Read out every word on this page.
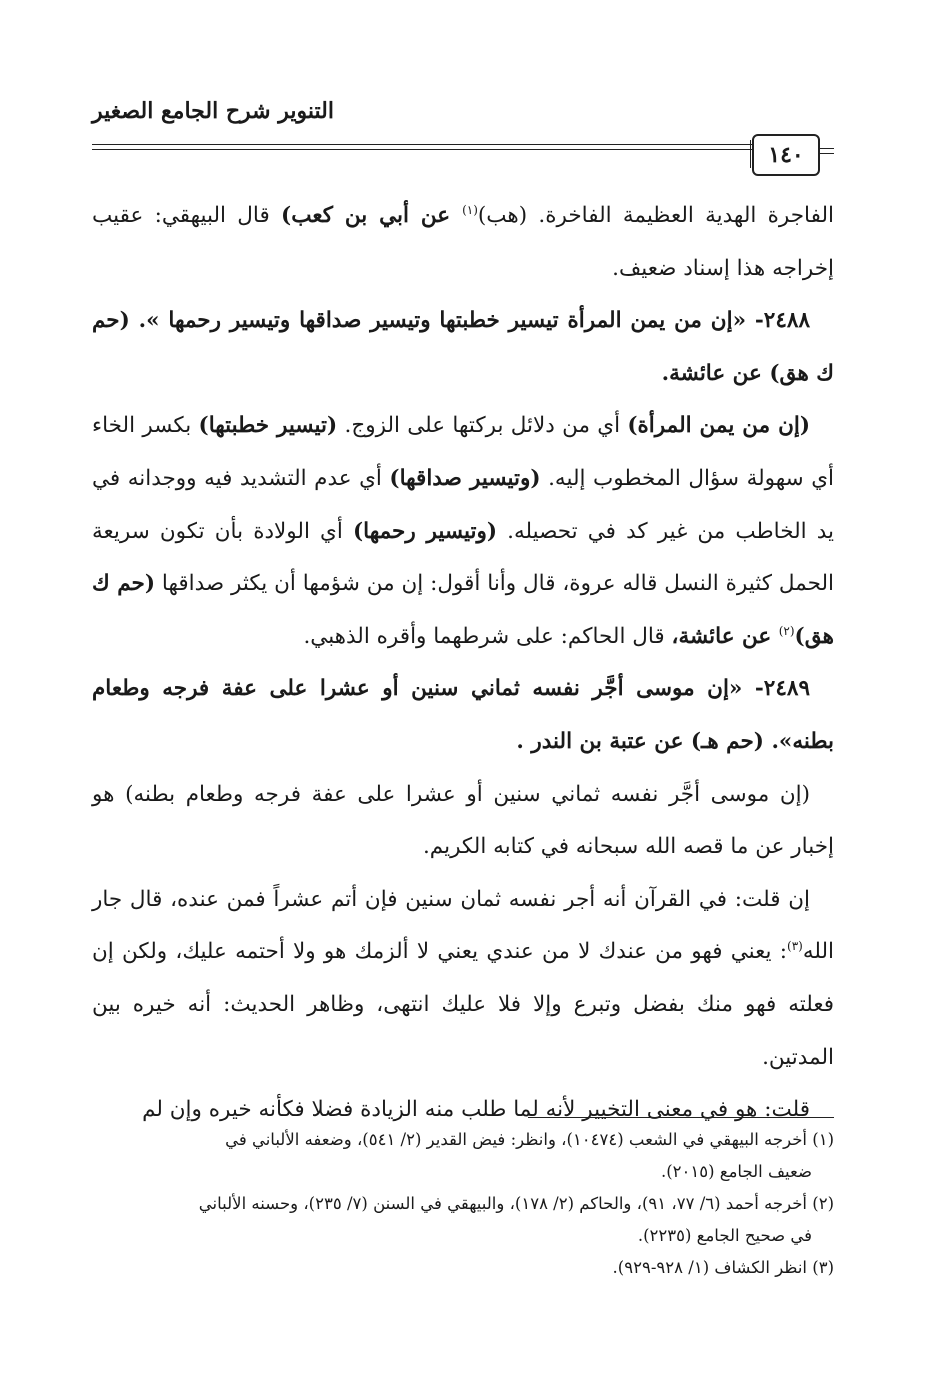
التنوير شرح الجامع الصغير
١٤٠

الفاجرة الهدية العظيمة الفاخرة. (هب)$^{(١)}$ عن أبي بن كعب) قال البيهقي: عقيب إخراجه هذا إسناد ضعيف.

٢٤٨٨- «إن من يمن المرأة تيسير خطبتها وتيسير صداقها وتيسير رحمها ». (حم ك هق) عن عائشة.

(إن من يمن المرأة) أي من دلائل بركتها على الزوج. (تيسير خطبتها) بكسر الخاء أي سهولة سؤال المخطوب إليه. (وتيسير صداقها) أي عدم التشديد فيه ووجدانه في يد الخاطب من غير كد في تحصيله. (وتيسير رحمها) أي الولادة بأن تكون سريعة الحمل كثيرة النسل قاله عروة، قال وأنا أقول: إن من شؤمها أن يكثر صداقها (حم ك هق)$^{(٢)}$ عن عائشة، قال الحاكم: على شرطهما وأقره الذهبي.

٢٤٨٩- «إن موسى أجَّر نفسه ثماني سنين أو عشرا على عفة فرجه وطعام بطنه». (حم هـ) عن عتبة بن الندر .

(إن موسى أجَّر نفسه ثماني سنين أو عشرا على عفة فرجه وطعام بطنه) هو إخبار عن ما قصه الله سبحانه في كتابه الكريم.

إن قلت: في القرآن أنه أجر نفسه ثمان سنين فإن أتم عشراً فمن عنده، قال جار الله$^{(٣)}$: يعني فهو من عندك لا من عندي يعني لا ألزمك هو ولا أحتمه عليك، ولكن إن فعلته فهو منك بفضل وتبرع وإلا فلا عليك انتهى، وظاهر الحديث: أنه خيره بين المدتين.

قلت: هو في معنى التخيير لأنه لما طلب منه الزيادة فضلا فكأنه خيره وإن لم

(١) أخرجه البيهقي في الشعب (١٠٤٧٤)، وانظر: فيض القدير (٢/ ٥٤١)، وضعفه الألباني في

ضعيف الجامع (٢٠١٥).

(٢) أخرجه أحمد (٦/ ٧٧، ٩١)، والحاكم (٢/ ١٧٨)، والبيهقي في السنن (٧/ ٢٣٥)، وحسنه الألباني

في صحيح الجامع (٢٢٣٥).

(٣) انظر الكشاف (١/ ٩٢٨-٩٢٩).
